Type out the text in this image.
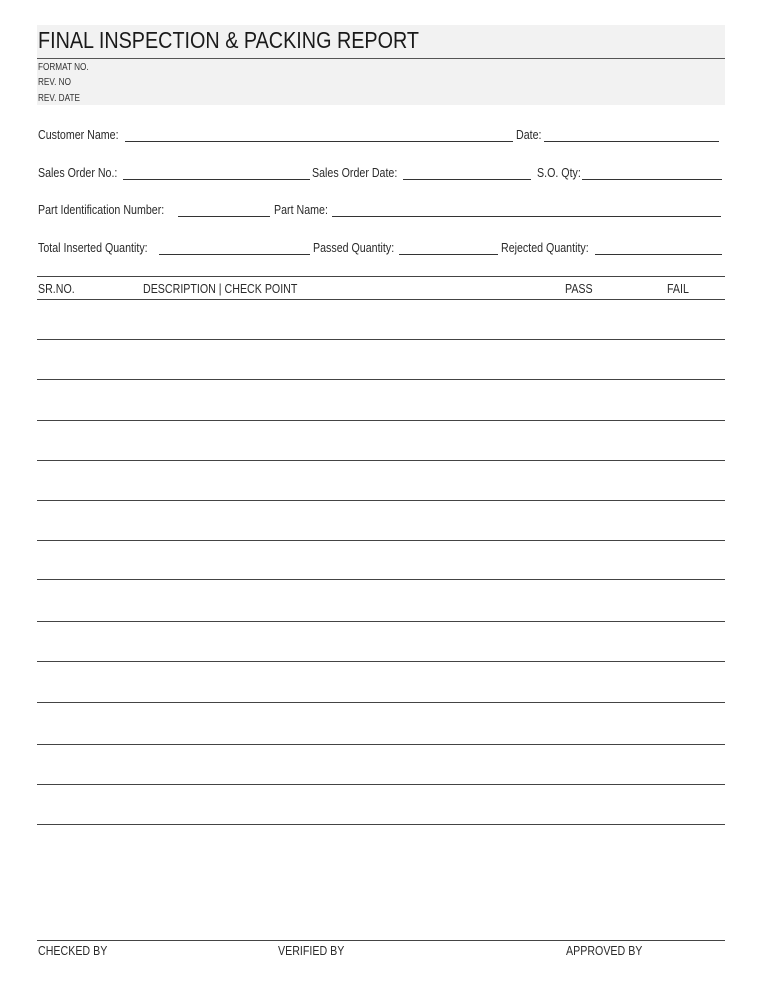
FINAL INSPECTION & PACKING REPORT
FORMAT NO.
REV. NO
REV. DATE
Customer Name:	Date:
Sales Order No.:	Sales Order Date:	S.O. Qty:
Part Identification Number:	Part Name:
Total Inserted Quantity:	Passed Quantity:	Rejected Quantity:
SR.NO.	DESCRIPTION | CHECK POINT	PASS	FAIL
CHECKED BY	VERIFIED BY	APPROVED BY
